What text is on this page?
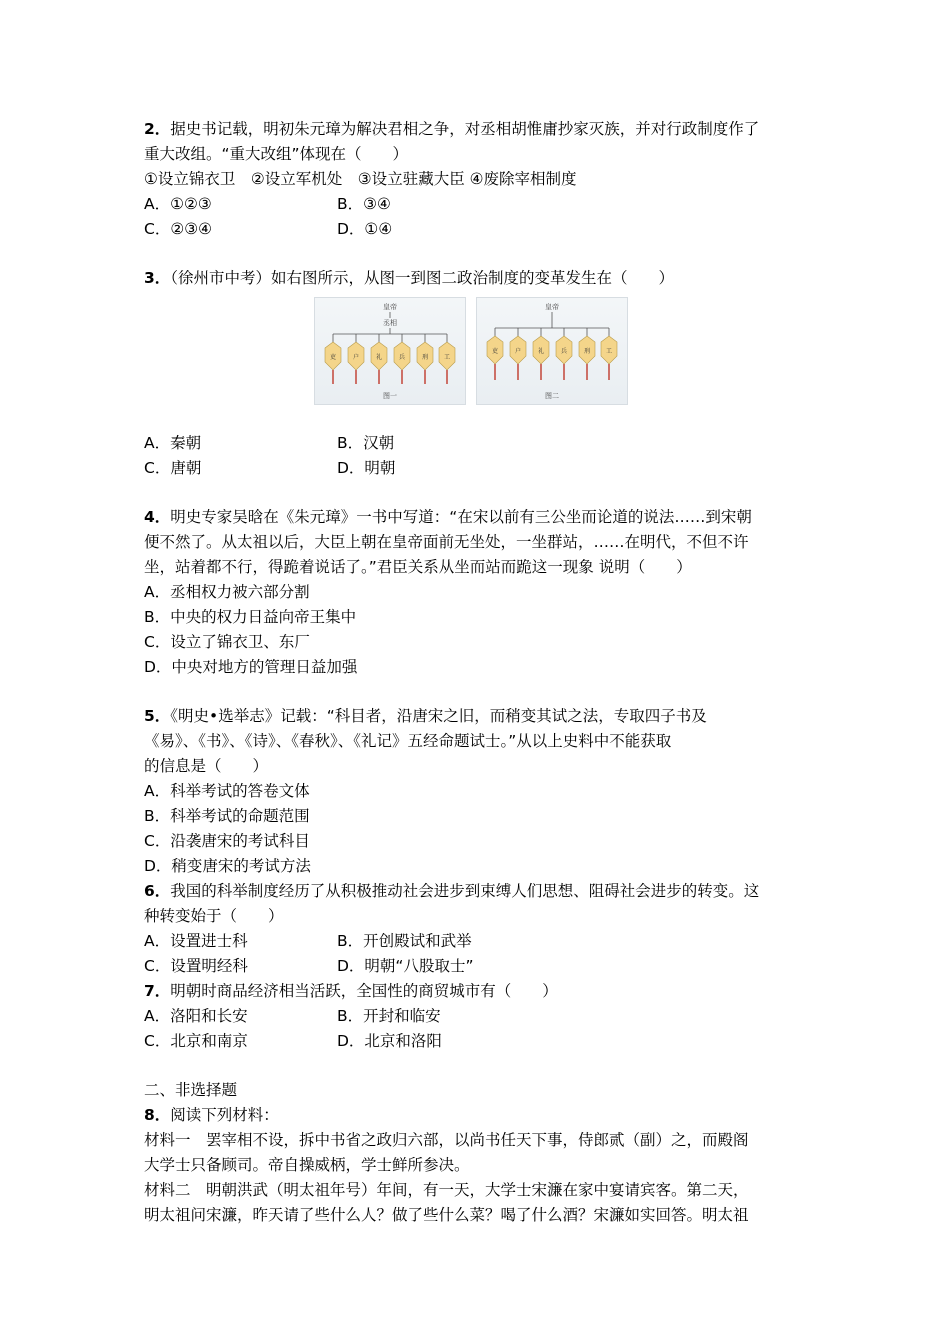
2．据史书记载，明初朱元璋为解决君相之争，对丞相胡惟庸抄家灭族，并对行政制度作了
重大改组。“重大改组”体现在（　　）
①设立锦衣卫　②设立军机处　③设立驻藏大臣 ④废除宰相制度
A．①②③	B．③④
C．②③④	D．①④
3．（徐州市中考）如右图所示，从图一到图二政治制度的变革发生在（　　）
皇帝
丞相
吏	户	礼	兵	刑	工
图一
皇帝
吏	户	礼	兵	刑	工
图二
A．秦朝	B．汉朝
C．唐朝	D．明朝
4．明史专家吴晗在《朱元璋》一书中写道：“在宋以前有三公坐而论道的说法……到宋朝
便不然了。从太祖以后，大臣上朝在皇帝面前无坐处，一坐群站，……在明代，不但不许
坐，站着都不行，得跪着说话了。”君臣关系从坐而站而跪这一现象 说明（　　）
A．丞相权力被六部分割
B．中央的权力日益向帝王集中
C．设立了锦衣卫、东厂
D．中央对地方的管理日益加强
5．《明史•选举志》记载：“科目者，沿唐宋之旧，而稍变其试之法，专取四子书及
《易》、《书》、《诗》、《春秋》、《礼记》五经命题试士。”从以上史料中不能获取
的信息是（　　）
A．科举考试的答卷文体
B．科举考试的命题范围
C．沿袭唐宋的考试科目
D．稍变唐宋的考试方法
6．我国的科举制度经历了从积极推动社会进步到束缚人们思想、阻碍社会进步的转变。这
种转变始于（　　）
A．设置进士科	B．开创殿试和武举
C．设置明经科	D．明朝“八股取士”
7．明朝时商品经济相当活跃，全国性的商贸城市有（　　）
A．洛阳和长安	B．开封和临安
C．北京和南京	D．北京和洛阳
二、非选择题
8．阅读下列材料：
材料一　罢宰相不设，拆中书省之政归六部，以尚书任天下事，侍郎贰（副）之，而殿阁
大学士只备顾司。帝自操威柄，学士鲜所参决。
材料二　明朝洪武（明太祖年号）年间，有一天，大学士宋濂在家中宴请宾客。第二天，
明太祖问宋濂，昨天请了些什么人？做了些什么菜？喝了什么酒？宋濂如实回答。明太祖
